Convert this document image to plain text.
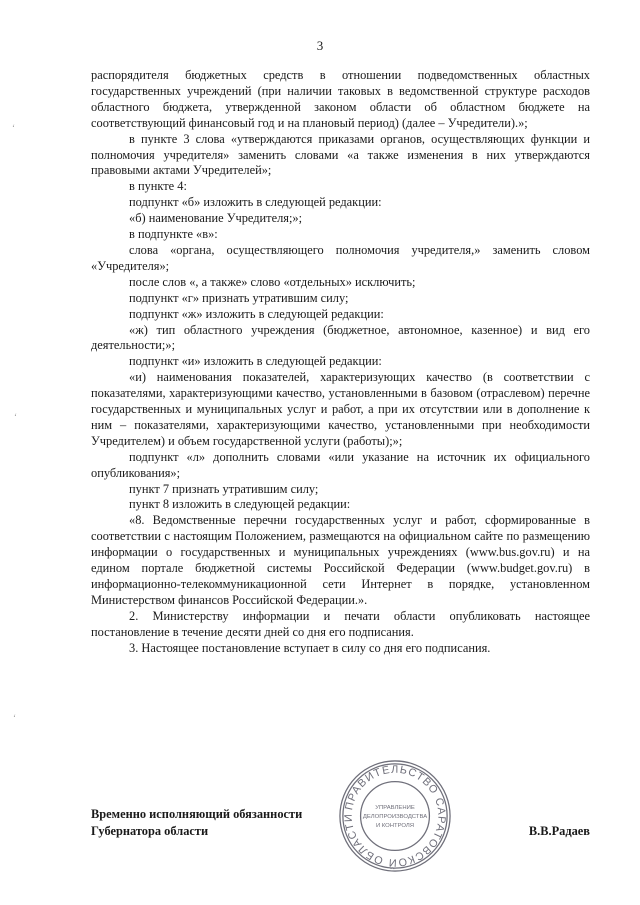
3

распорядителя бюджетных средств в отношении подведомственных областных государственных учреждений (при наличии таковых в ведомственной структуре расходов областного бюджета, утвержденной законом области об областном бюджете на соответствующий финансовый год и на плановый период) (далее – Учредители).»;

в пункте 3 слова «утверждаются приказами органов, осуществляющих функции и полномочия учредителя» заменить словами «а также изменения в них утверждаются правовыми актами Учредителей»;

в пункте 4:

подпункт «б» изложить в следующей редакции:

«б) наименование Учредителя;»;

в подпункте «в»:

слова «органа, осуществляющего полномочия учредителя,» заменить словом «Учредителя»;

после слов «, а также» слово «отдельных» исключить;

подпункт «г» признать утратившим силу;

подпункт «ж» изложить в следующей редакции:

«ж) тип областного учреждения (бюджетное, автономное, казенное) и вид его деятельности;»;

подпункт «и» изложить в следующей редакции:

«и) наименования показателей, характеризующих качество (в соответствии с показателями, характеризующими качество, установленными в базовом (отраслевом) перечне государственных и муниципальных услуг и работ, а при их отсутствии или в дополнение к ним – показателями, характеризующими качество, установленными при необходимости Учредителем) и объем государственной услуги (работы);»;

подпункт «л» дополнить словами «или указание на источник их официального опубликования»;

пункт 7 признать утратившим силу;

пункт 8 изложить в следующей редакции:

«8. Ведомственные перечни государственных услуг и работ, сформированные в соответствии с настоящим Положением, размещаются на официальном сайте по размещению информации о государственных и муниципальных учреждениях (www.bus.gov.ru) и на едином портале бюджетной системы Российской Федерации (www.budget.gov.ru) в информационно-телекоммуникационной сети Интернет в порядке, установленном Министерством финансов Российской Федерации.».

2. Министерству информации и печати области опубликовать настоящее постановление в течение десяти дней со дня его подписания.

3. Настоящее постановление вступает в силу со дня его подписания.

Временно исполняющий обязанности
Губернатора области	В.В.Радаев
ПРАВИТЕЛЬСТВО САРАТОВСКОЙ ОБЛАСТИ
УПРАВЛЕНИЕ
ДЕЛОПРОИЗВОДСТВА
И КОНТРОЛЯ
‘
‘
‘
